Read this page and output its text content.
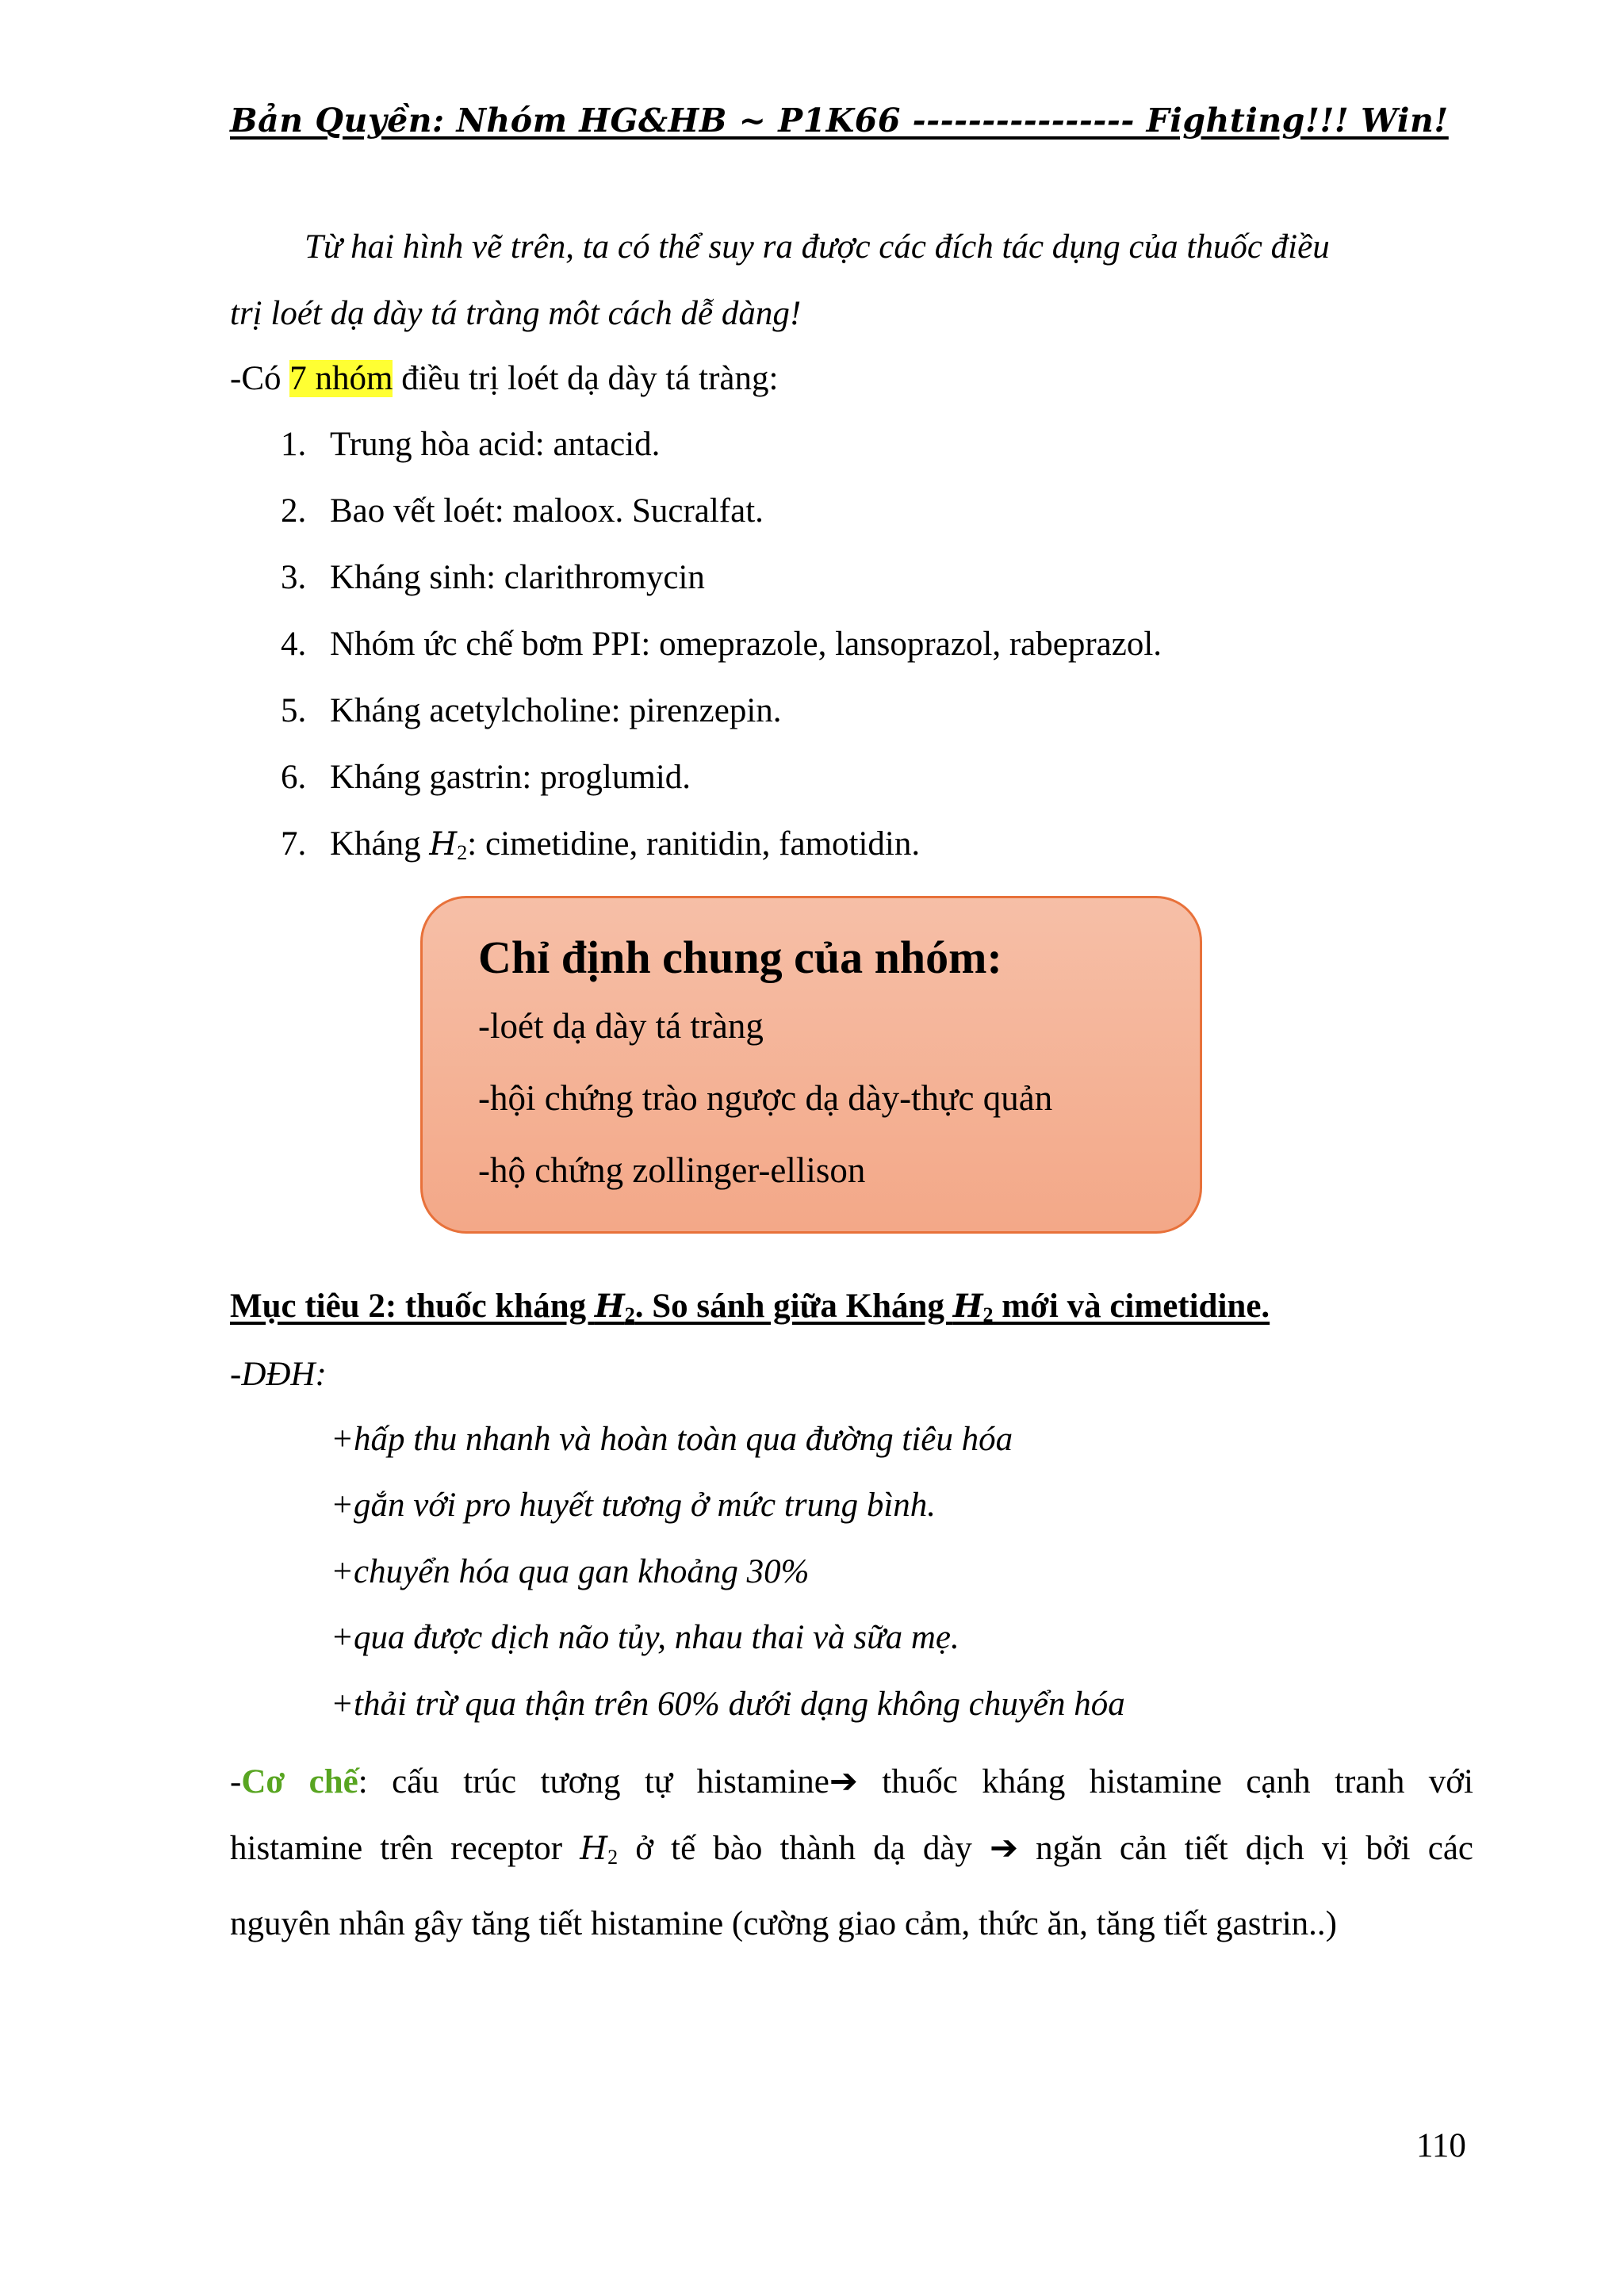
Bản Quyền: Nhóm HG&HB ~ P1K66 ---------------- Fighting!!! Win!
Từ hai hình vẽ trên, ta có thể suy ra được các đích tác dụng của thuốc điều
trị loét dạ dày tá tràng môt cách dễ dàng!
-Có 7 nhóm điều trị loét dạ dày tá tràng:
1. Trung hòa acid: antacid.
2. Bao vết loét: maloox. Sucralfat.
3. Kháng sinh: clarithromycin
4. Nhóm ức chế bơm PPI: omeprazole, lansoprazol, rabeprazol.
5. Kháng acetylcholine: pirenzepin.
6. Kháng gastrin: proglumid.
7. Kháng $H_2$: cimetidine, ranitidin, famotidin.
Chỉ định chung của nhóm:
-loét dạ dày tá tràng
-hội chứng trào ngược dạ dày-thực quản
-hộ chứng zollinger-ellison
Mục tiêu 2: thuốc kháng $H_2$. So sánh giữa Kháng $H_2$ mới và cimetidine.
-DĐH:
+hấp thu nhanh và hoàn toàn qua đường tiêu hóa
+gắn với pro huyết tương ở mức trung bình.
+chuyển hóa qua gan khoảng 30%
+qua được dịch não tủy, nhau thai và sữa mẹ.
+thải trừ qua thận trên 60% dưới dạng không chuyển hóa
-Cơ chế: cấu trúc tương tự histamine➔ thuốc kháng histamine cạnh tranh với
histamine trên receptor $H_2$ ở tế bào thành dạ dày ➔ ngăn cản tiết dịch vị bởi các
nguyên nhân gây tăng tiết histamine (cường giao cảm, thức ăn, tăng tiết gastrin..)
110
